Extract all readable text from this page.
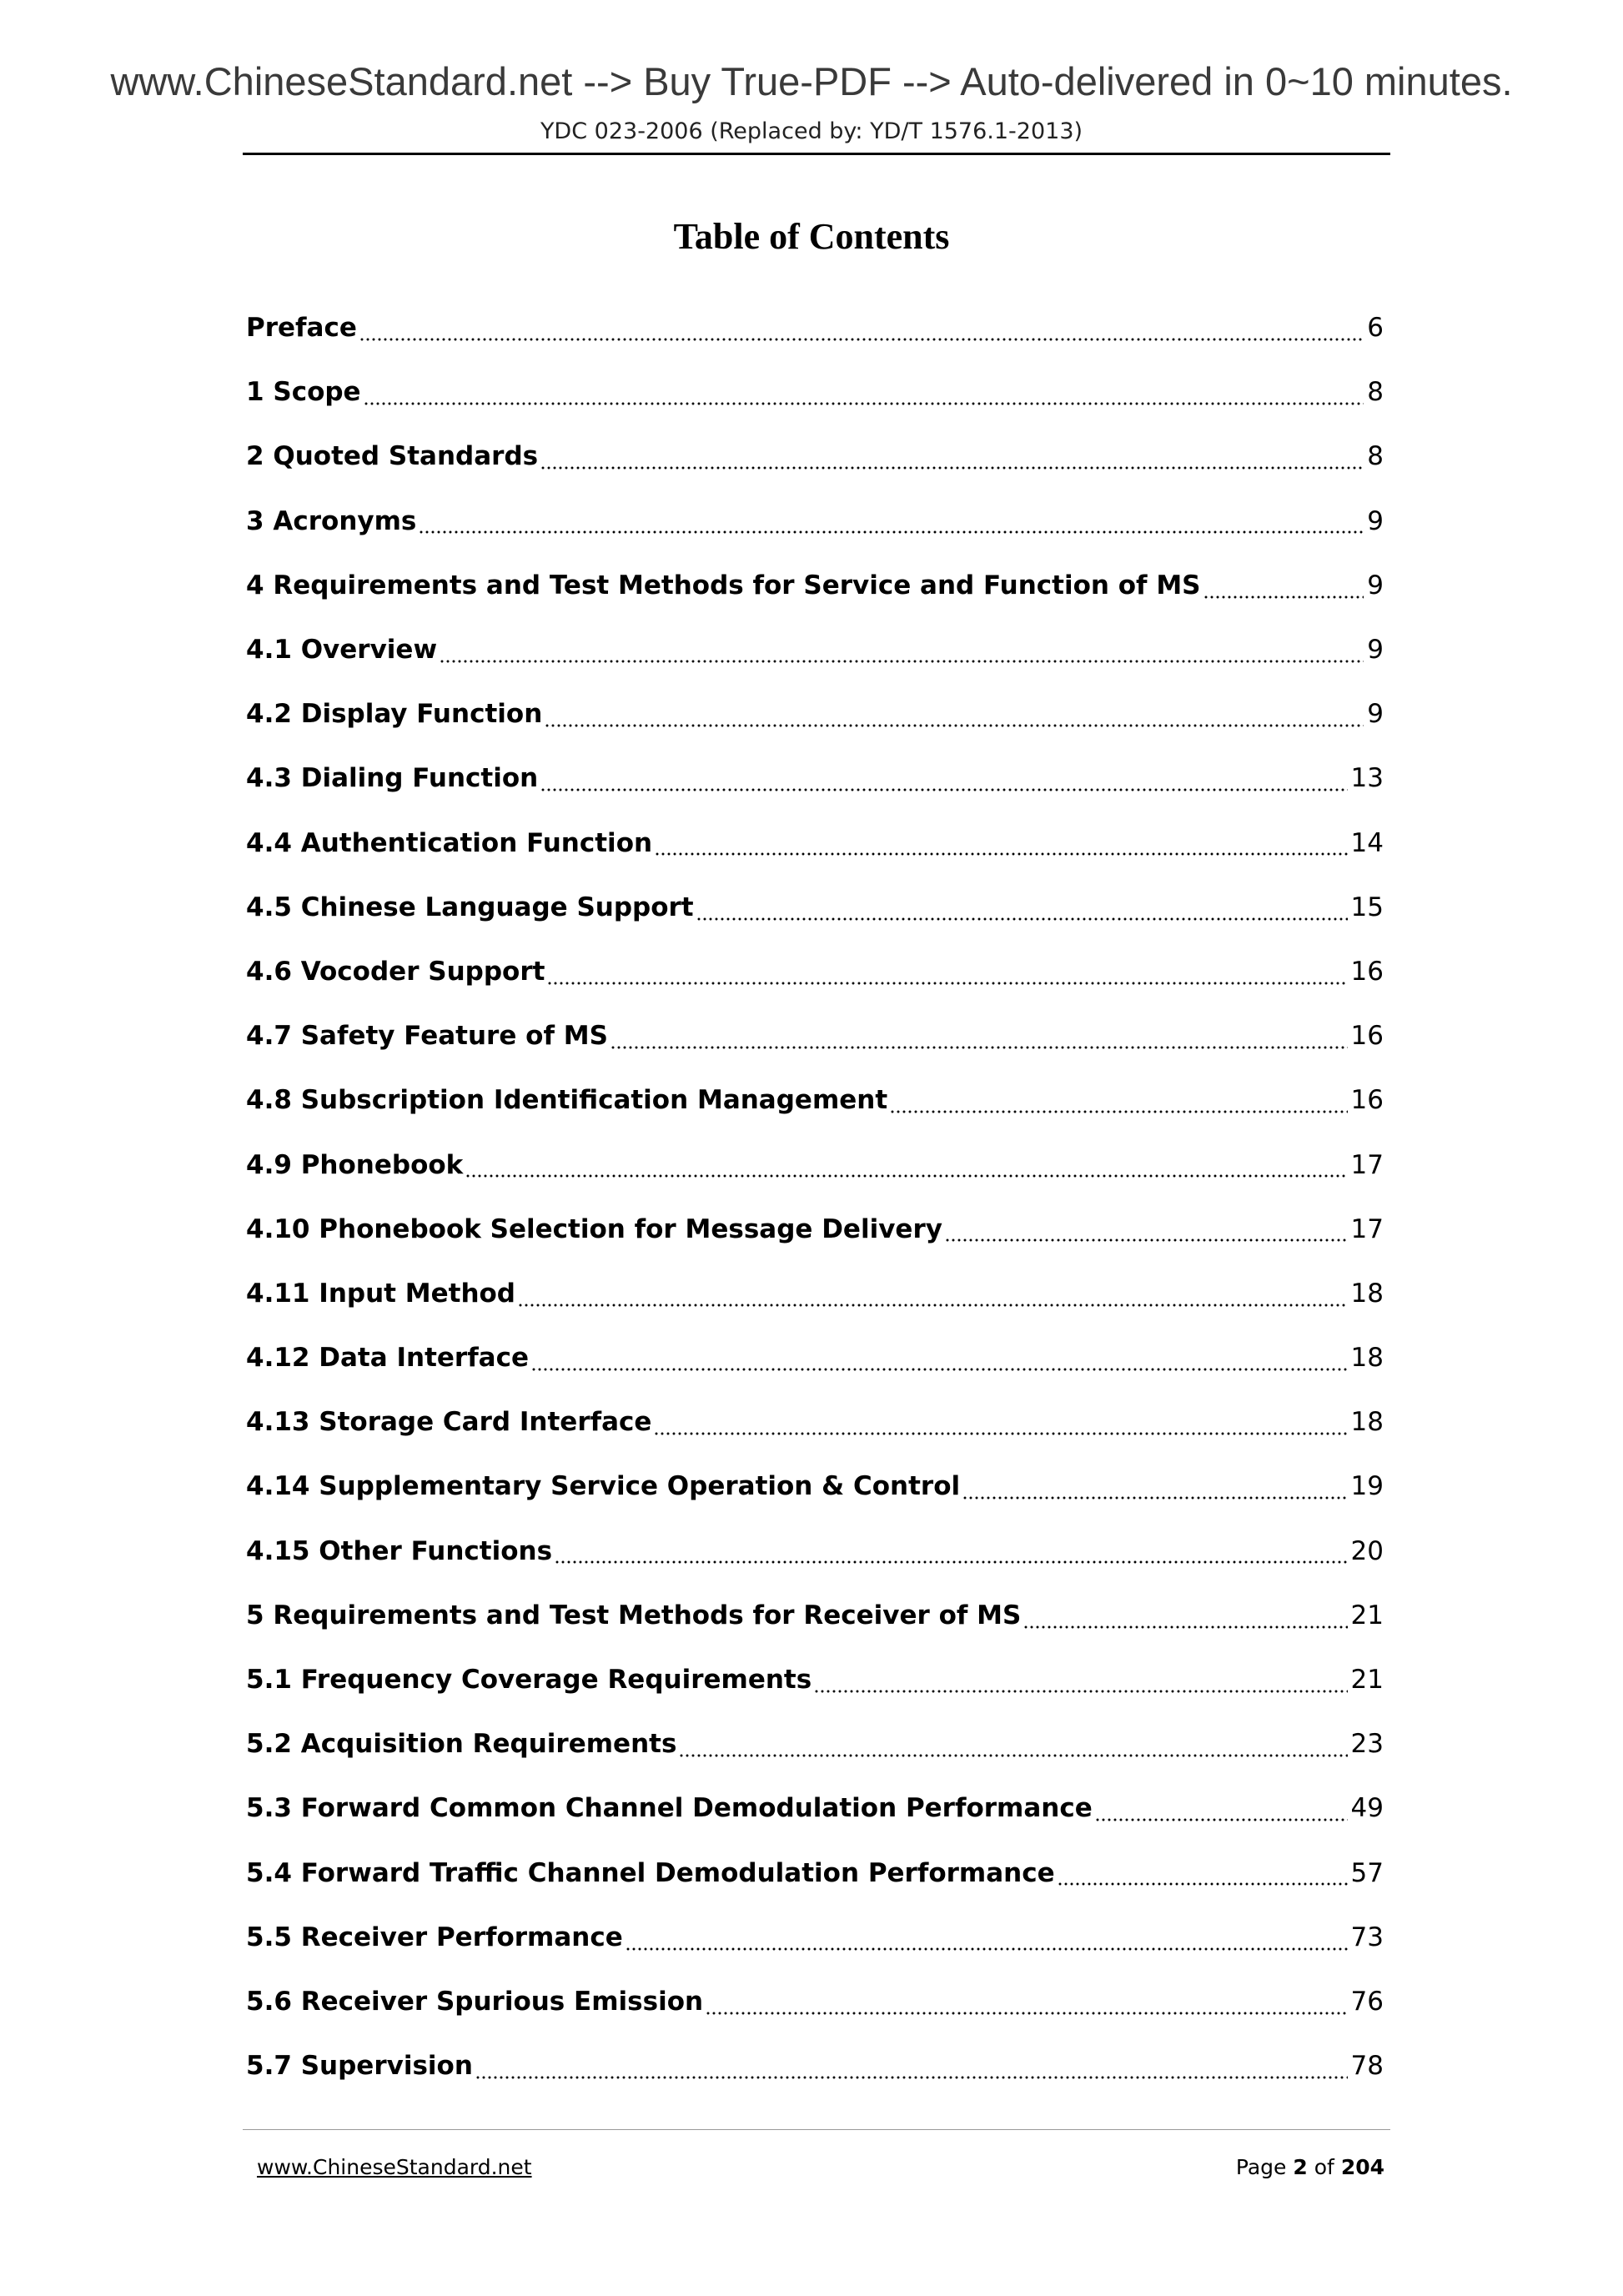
www.ChineseStandard.net --> Buy True-PDF --> Auto-delivered in 0~10 minutes.
YDC 023-2006 (Replaced by: YD/T 1576.1-2013)
Table of Contents
Preface	6
1 Scope	8
2 Quoted Standards	8
3 Acronyms	9
4 Requirements and Test Methods for Service and Function of MS	9
4.1 Overview	9
4.2 Display Function	9
4.3 Dialing Function	13
4.4 Authentication Function	14
4.5 Chinese Language Support	15
4.6 Vocoder Support	16
4.7 Safety Feature of MS	16
4.8 Subscription Identification Management	16
4.9 Phonebook	17
4.10 Phonebook Selection for Message Delivery	17
4.11 Input Method	18
4.12 Data Interface	18
4.13 Storage Card Interface	18
4.14 Supplementary Service Operation & Control	19
4.15 Other Functions	20
5 Requirements and Test Methods for Receiver of MS	21
5.1 Frequency Coverage Requirements	21
5.2 Acquisition Requirements	23
5.3 Forward Common Channel Demodulation Performance	49
5.4 Forward Traffic Channel Demodulation Performance	57
5.5 Receiver Performance	73
5.6 Receiver Spurious Emission	76
5.7 Supervision	78
www.ChineseStandard.net	Page 2 of 204
